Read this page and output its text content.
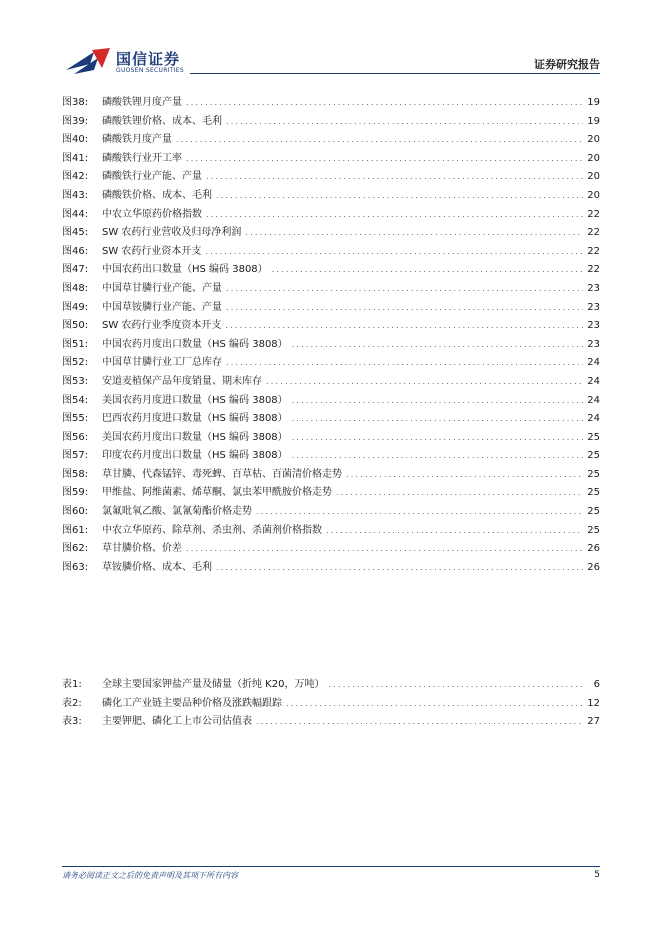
国信证券
GUOSEN SECURITIES	证券研究报告
图38:	磷酸铁锂月度产量 .....	19
图39:	磷酸铁锂价格、成本、毛利 .....	19
图40:	磷酸铁月度产量 .....	20
图41:	磷酸铁行业开工率 .....	20
图42:	磷酸铁行业产能、产量 .....	20
图43:	磷酸铁价格、成本、毛利 .....	20
图44:	中农立华原药价格指数 .....	22
图45:	SW 农药行业营收及归母净利润 .....	22
图46:	SW 农药行业资本开支 .....	22
图47:	中国农药出口数量（HS 编码 3808） .....	22
图48:	中国草甘膦行业产能、产量 .....	23
图49:	中国草铵膦行业产能、产量 .....	23
图50:	SW 农药行业季度资本开支 .....	23
图51:	中国农药月度出口数量（HS 编码 3808） .....	23
图52:	中国草甘膦行业工厂总库存 .....	24
图53:	安道麦植保产品年度销量、期末库存 .....	24
图54:	美国农药月度进口数量（HS 编码 3808） .....	24
图55:	巴西农药月度进口数量（HS 编码 3808） .....	24
图56:	美国农药月度出口数量（HS 编码 3808） .....	25
图57:	印度农药月度出口数量（HS 编码 3808） .....	25
图58:	草甘膦、代森锰锌、毒死蜱、百草枯、百菌清价格走势 .....	25
图59:	甲维盐、阿维菌素、烯草酮、氯虫苯甲酰胺价格走势 .....	25
图60:	氯氟吡氧乙酸、氯氰菊酯价格走势 .....	25
图61:	中农立华原药、除草剂、杀虫剂、杀菌剂价格指数 .....	25
图62:	草甘膦价格、价差 .....	26
图63:	草铵膦价格、成本、毛利 .....	26
表1:	全球主要国家钾盐产量及储量（折纯 K20，万吨） .....	6
表2:	磷化工产业链主要品种价格及涨跌幅跟踪 .....	12
表3:	主要钾肥、磷化工上市公司估值表 .....	27
请务必阅读正文之后的免责声明及其项下所有内容	5
